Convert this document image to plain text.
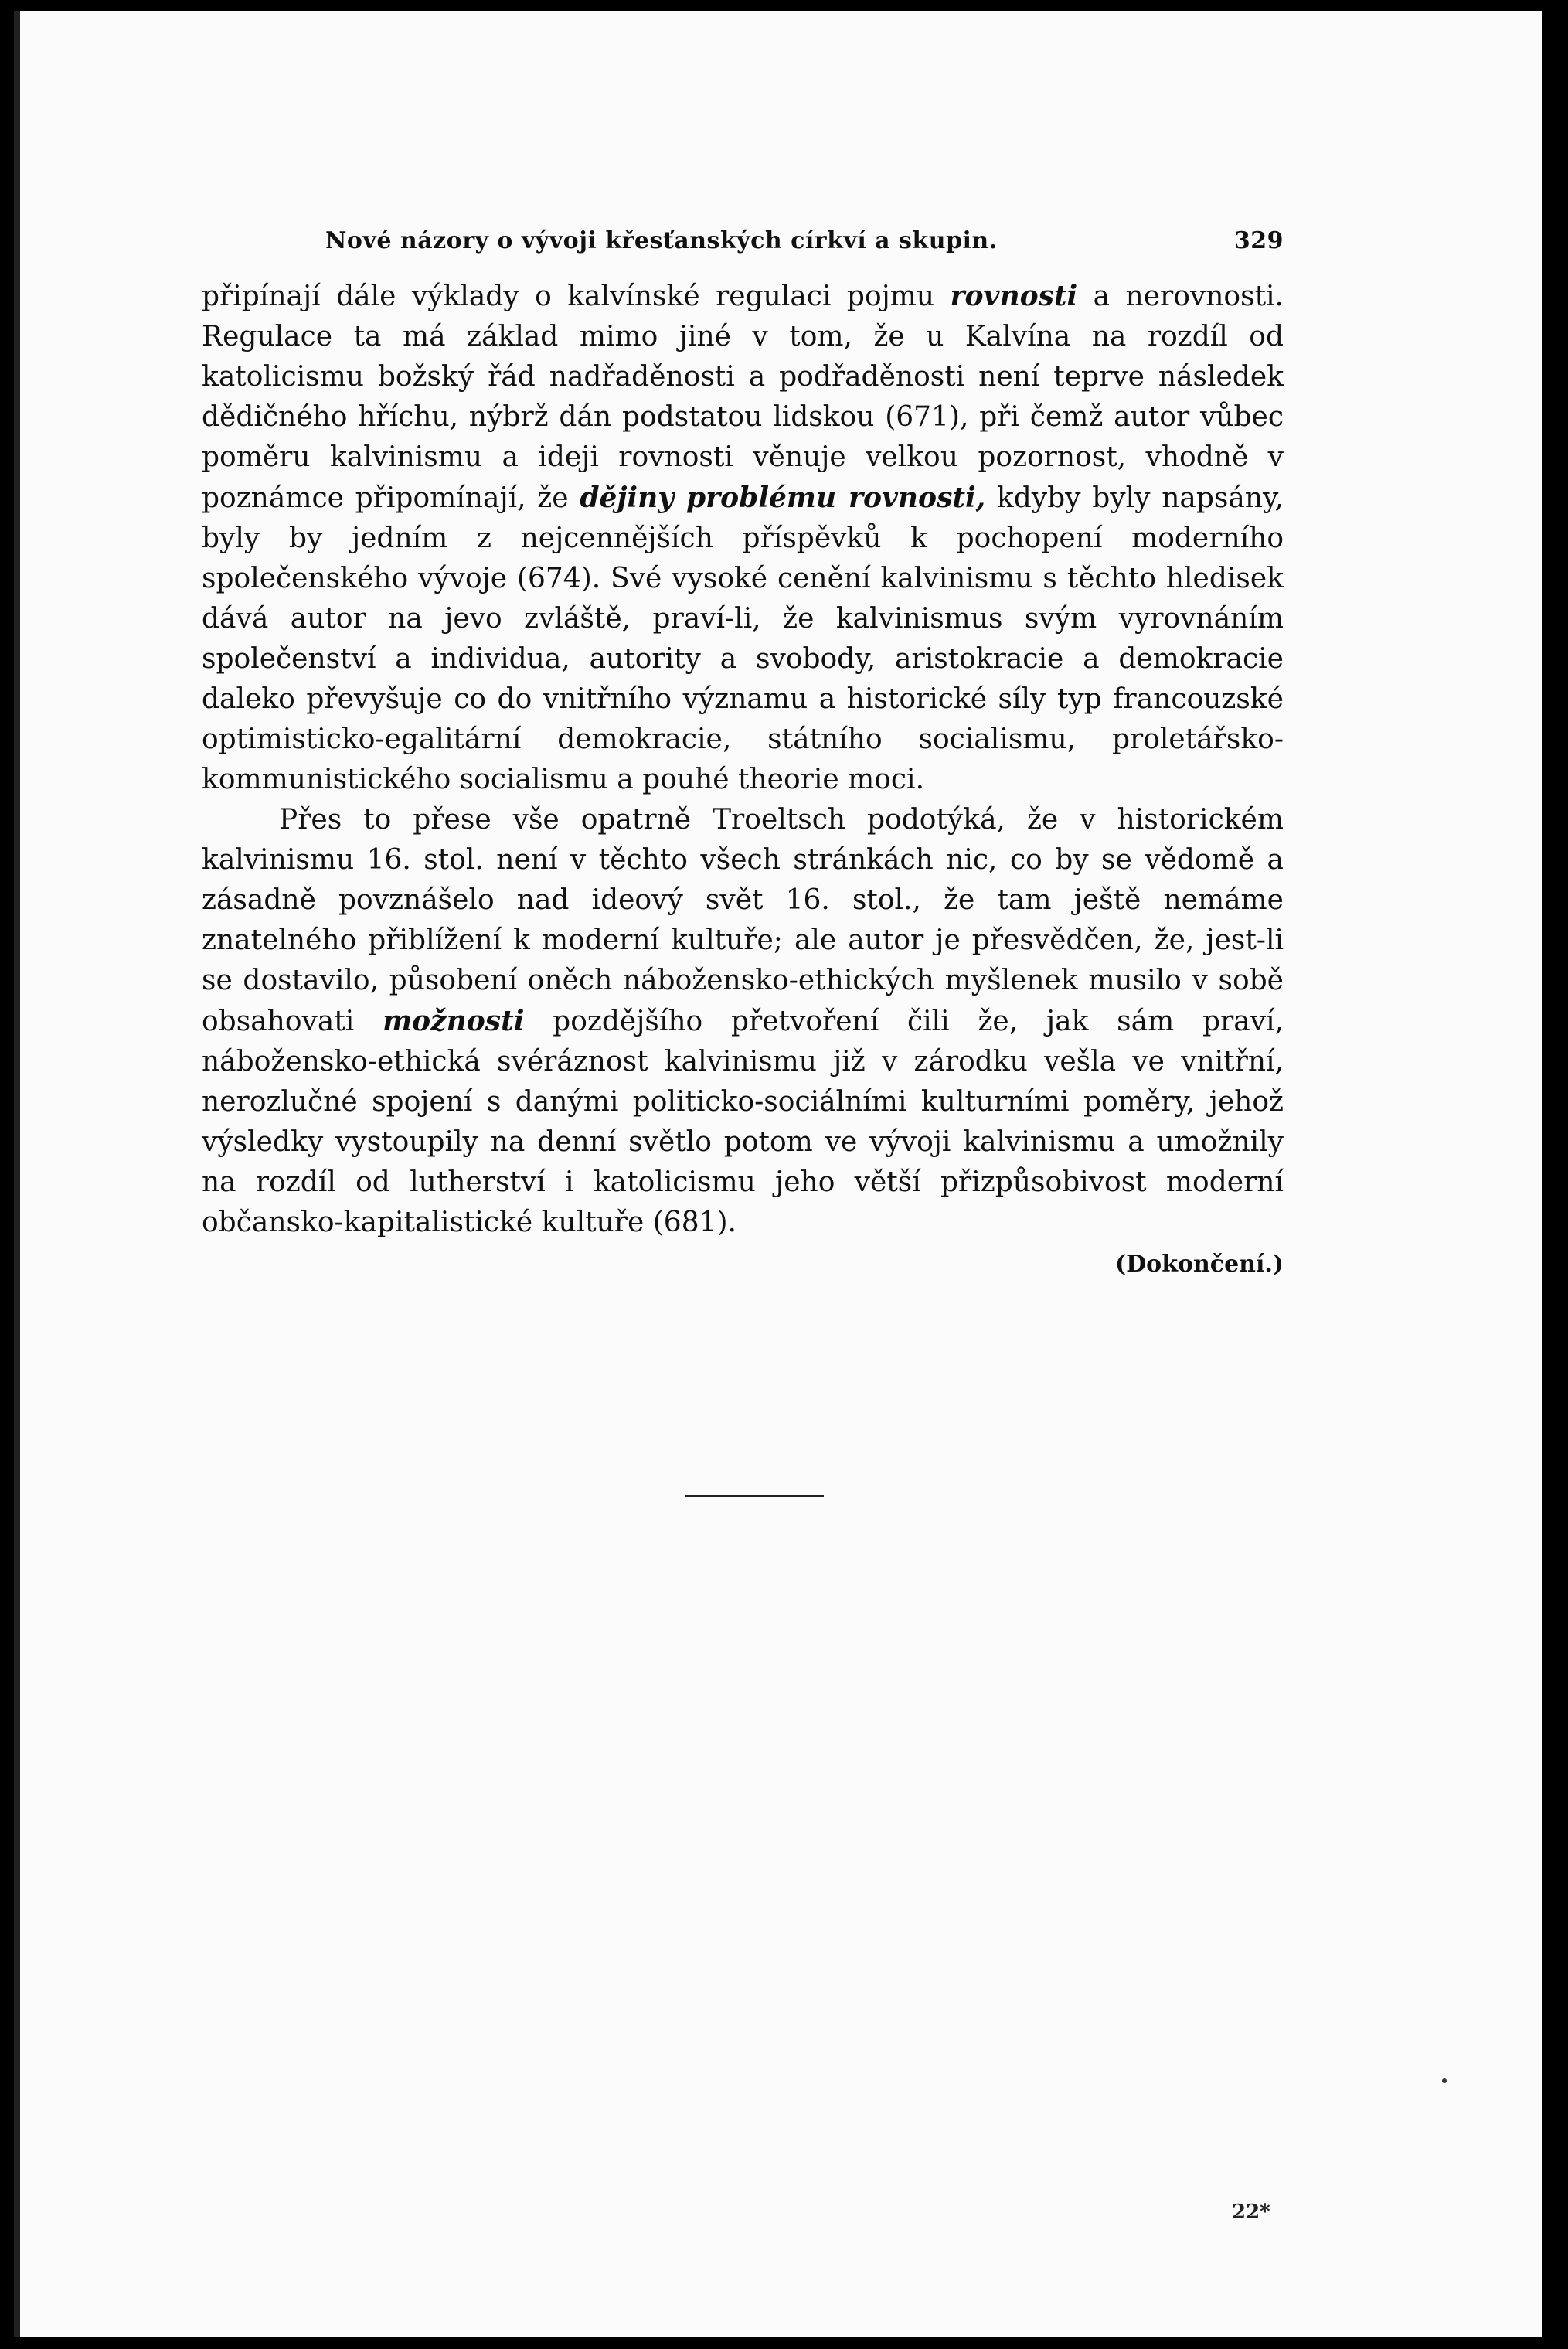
Nové názory o vývoji křesťanských církví a skupin.	329

připínají dále výklady o kalvínské regulaci pojmu rovnosti a nerovnosti. Regulace ta má základ mimo jiné v tom, že u Kalvína na rozdíl od katolicismu božský řád nadřaděnosti a podřaděnosti není teprve následek dědičného hříchu, nýbrž dán podstatou lidskou (671), při čemž autor vůbec poměru kalvinismu a ideji rovnosti věnuje velkou pozornost, vhodně v poznámce připomínají, že dějiny problému rovnosti, kdyby byly napsány, byly by jedním z nejcennějších příspěvků k pochopení moderního společenského vývoje (674). Své vysoké cenění kalvinismu s těchto hledisek dává autor na jevo zvláště, praví-li, že kalvinismus svým vyrovnáním společenství a individua, autority a svobody, aristokracie a demokracie daleko převyšuje co do vnitřního významu a historické síly typ francouzské optimisticko-egalitární demokracie, státního socialismu, proletářsko-kommunistického socialismu a pouhé theorie moci.

Přes to přese vše opatrně Troeltsch podotýká, že v historickém kalvinismu 16. stol. není v těchto všech stránkách nic, co by se vědomě a zásadně povznášelo nad ideový svět 16. stol., že tam ještě nemáme znatelného přiblížení k moderní kultuře; ale autor je přesvědčen, že, jest-li se dostavilo, působení oněch nábožensko-ethických myšlenek musilo v sobě obsahovati možnosti pozdějšího přetvoření čili že, jak sám praví, nábožensko-ethická svéráznost kalvinismu již v zárodku vešla ve vnitřní, nerozlučné spojení s danými politicko-sociálními kulturními poměry, jehož výsledky vystoupily na denní světlo potom ve vývoji kalvinismu a umožnily na rozdíl od lutherství i katolicismu jeho větší přizpůsobivost moderní občansko-kapitalistické kultuře (681).

(Dokončení.)
22*
